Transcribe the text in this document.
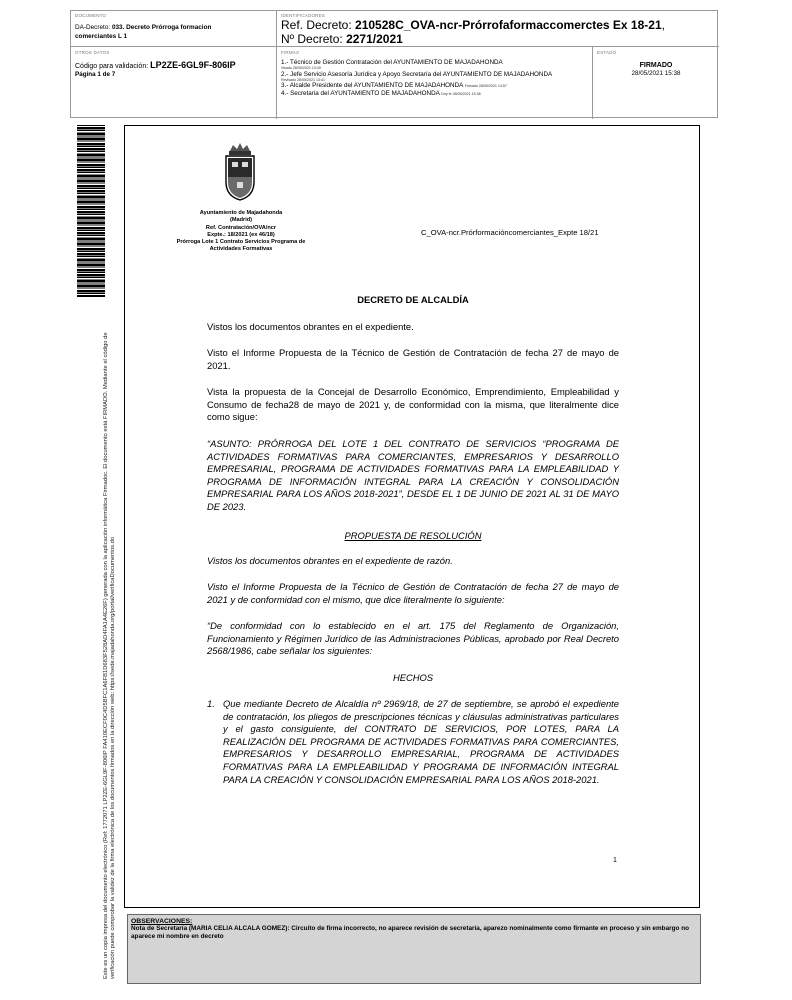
DOCUMENTO
DA-Decreto: 033. Decreto Prórroga formacion
comerciantes L 1
IDENTIFICADORES
Ref. Decreto: 210528C_OVA-ncr-Prórrofaformaccomerctes Ex 18-21,
Nº Decreto: 2271/2021
OTROS DATOS
Código para validación: LP2ZE-6GL9F-806IP
Página 1 de 7
FIRMAS
:
1.- Técnico de Gestión Contratación del AYUNTAMIENTO DE MAJADAHONDA
Visado 28/05/2021 13:40
2.- Jefe Servicio Asesoría Jurídica y Apoyo Secretaría del AYUNTAMIENTO DE MAJADAHONDA
Revisado 28/05/2021 13:41
3.- Alcalde Presidente del AYUNTAMIENTO DE MAJADAHONDA Firmado 28/05/2021 14:57
4.- Secretaria del AYUNTAMIENTO DE MAJADAHONDA Doy fe 28/05/2021 15:38
ESTADO
FIRMADO
28/05/2021 15:38

Este es un copia impresa del documento electrónico (Ref: 1772071 LP2ZE-6GL9F-806IP FA410ECF0C4D5BFC1A6FB1D683F528AD4FA1A4E26F) generada con la aplicación informática Firmadoc. El documento está FIRMADO. Mediante el código de verificación puede comprobar la validez de la firma electrónica de los documentos firmados en la dirección web: https://sede.majadahonda.org/portal/verificaDocumentos.do

Ayuntamiento de Majadahonda
(Madrid)
Ref. Contratación/OVA/ncr
Expte.: 18/2021 (ex 46/18)
Prórroga Lote 1 Contrato Servicios Programa de
Actividades Formativas
C_OVA-ncr.Prórformacióncomerciantes_Expte 18/21
DECRETO DE ALCALDÍA
Vistos los documentos obrantes en el expediente.
Visto el Informe Propuesta de la Técnico de Gestión de Contratación de fecha 27 de mayo de 2021.
Vista la propuesta de la Concejal de Desarrollo Económico, Emprendimiento, Empleabilidad y Consumo de fecha28 de mayo de 2021 y, de conformidad con la misma, que literalmente dice como sigue:
“ASUNTO: PRÓRROGA DEL LOTE 1 DEL CONTRATO DE SERVICIOS “PROGRAMA DE ACTIVIDADES FORMATIVAS PARA COMERCIANTES, EMPRESARIOS Y DESARROLLO EMPRESARIAL, PROGRAMA DE ACTIVIDADES FORMATIVAS PARA LA EMPLEABILIDAD Y PROGRAMA DE INFORMACIÓN INTEGRAL PARA LA CREACIÓN Y CONSOLIDACIÓN EMPRESARIAL PARA LOS AÑOS 2018-2021”, DESDE EL 1 DE JUNIO DE 2021 AL 31 DE MAYO DE 2023.
PROPUESTA DE RESOLUCIÓN
Vistos los documentos obrantes en el expediente de razón.
Visto el Informe Propuesta de la Técnico de Gestión de Contratación de fecha 27 de mayo de 2021 y de conformidad con el mismo, que dice literalmente lo siguiente:
“De conformidad con lo establecido en el art. 175 del Reglamento de Organización, Funcionamiento y Régimen Jurídico de las Administraciones Públicas, aprobado por Real Decreto 2568/1986, cabe señalar los siguientes:
HECHOS
1. Que mediante Decreto de Alcaldía nº 2969/18, de 27 de septiembre, se aprobó el expediente de contratación, los pliegos de prescripciones técnicas y cláusulas administrativas particulares y el gasto consiguiente, del CONTRATO DE SERVICIOS, POR LOTES, PARA LA REALIZACIÓN DEL PROGRAMA DE ACTIVIDADES FORMATIVAS PARA COMERCIANTES, EMPRESARIOS Y DESARROLLO EMPRESARIAL, PROGRAMA DE ACTIVIDADES FORMATIVAS PARA LA EMPLEABILIDAD Y PROGRAMA DE INFORMACIÓN INTEGRAL PARA LA CREACIÓN Y CONSOLIDACIÓN EMPRESARIAL PARA LOS AÑOS 2018-2021.
1
OBSERVACIONES:
Nota de Secretaría (MARIA CELIA ALCALA GOMEZ): Circuito de firma incorrecto, no aparece revisión de secretaría, aparezo nominalmente como firmante en proceso y sin embargo no aparece mi nombre en decreto
